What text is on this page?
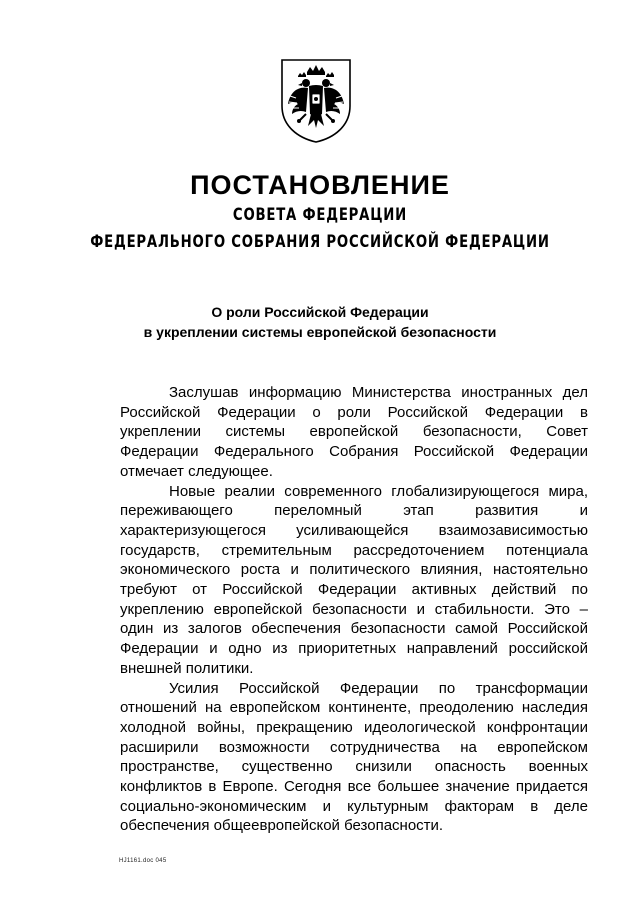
ПОСТАНОВЛЕНИЕ
СОВЕТА ФЕДЕРАЦИИ
ФЕДЕРАЛЬНОГО СОБРАНИЯ РОССИЙСКОЙ ФЕДЕРАЦИИ
О роли Российской Федерации
в укреплении системы европейской безопасности

Заслушав информацию Министерства иностранных дел Российской Федерации о роли Российской Федерации в укреплении системы европейской безопасности, Совет Федерации Федерального Собрания Российской Федерации отмечает следующее.

Новые реалии современного глобализирующегося мира, переживающего переломный этап развития и характеризующегося усиливающейся взаимозависимостью государств, стремительным рассредоточением потенциала экономического роста и политического влияния, настоятельно требуют от Российской Федерации активных действий по укреплению европейской безопасности и стабильности. Это – один из залогов обеспечения безопасности самой Российской Федерации и одно из приоритетных направлений российской внешней политики.

Усилия Российской Федерации по трансформации отношений на европейском континенте, преодолению наследия холодной войны, прекращению идеологической конфронтации расширили возможности сотрудничества на европейском пространстве, существенно снизили опасность военных конфликтов в Европе. Сегодня все большее значение придается социально-экономическим и культурным факторам в деле обеспечения общеевропейской безопасности.

НJ1161.doc 045
